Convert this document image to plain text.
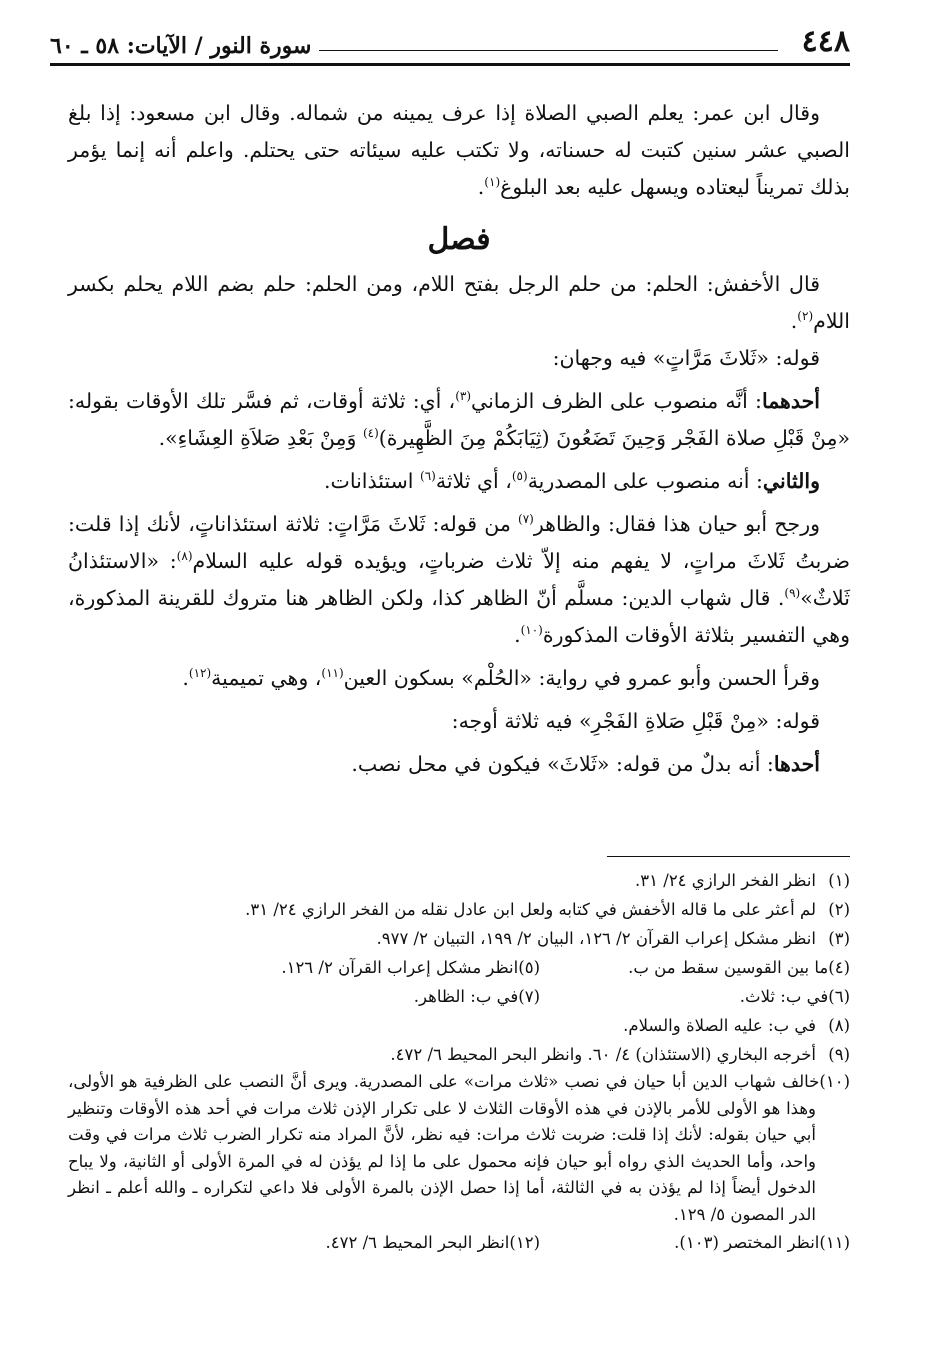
٤٤٨
سورة النور / الآيات: ٥٨ ـ ٦٠

وقال ابن عمر: يعلم الصبي الصلاة إذا عرف يمينه من شماله. وقال ابن مسعود: إذا بلغ الصبي عشر سنين كتبت له حسناته، ولا تكتب عليه سيئاته حتى يحتلم. واعلم أنه إنما يؤمر بذلك تمريناً ليعتاده ويسهل عليه بعد البلوغ$^{(١)}$.

فصل

قال الأخفش: الحلم: من حلم الرجل بفتح اللام، ومن الحلم: حلم بضم اللام يحلم بكسر اللام$^{(٢)}$.

قوله: «ثَلاثَ مَرَّاتٍ» فيه وجهان:

أحدهما: أنَّه منصوب على الظرف الزماني$^{(٣)}$، أي: ثلاثة أوقات، ثم فسَّر تلك الأوقات بقوله: «مِنْ قَبْلِ صلاة الفَجْر وَحِينَ تَضَعُونَ (ثِيَابَكُمْ مِنَ الظَّهِيرة)$^{(٤)}$ وَمِنْ بَعْدِ صَلاَةِ العِشَاءِ».

والثاني: أنه منصوب على المصدرية$^{(٥)}$، أي ثلاثة$^{(٦)}$ استئذانات.

ورجح أبو حيان هذا فقال: والظاهر$^{(٧)}$ من قوله: ثَلاثَ مَرَّاتٍ: ثلاثة استئذاناتٍ، لأنك إذا قلت: ضربتُ ثَلاثَ مراتٍ، لا يفهم منه إلاّ ثلاث ضرباتٍ، ويؤيده قوله عليه السلام$^{(٨)}$: «الاستئذانُ ثَلاثٌ»$^{(٩)}$. قال شهاب الدين: مسلَّم أنّ الظاهر كذا، ولكن الظاهر هنا متروك للقرينة المذكورة، وهي التفسير بثلاثة الأوقات المذكورة$^{(١٠)}$.

وقرأ الحسن وأبو عمرو في رواية: «الحُلْم» بسكون العين$^{(١١)}$، وهي تميمية$^{(١٢)}$.

قوله: «مِنْ قَبْلِ صَلاةِ الفَجْرِ» فيه ثلاثة أوجه:

أحدها: أنه بدلٌ من قوله: «ثَلاثَ» فيكون في محل نصب.

(١)انظر الفخر الرازي ٢٤/ ٣١.

(٢)لم أعثر على ما قاله الأخفش في كتابه ولعل ابن عادل نقله من الفخر الرازي ٢٤/ ٣١.

(٣)انظر مشكل إعراب القرآن ٢/ ١٢٦، البيان ٢/ ١٩٩، التبيان ٢/ ٩٧٧.

(٤)ما بين القوسين سقط من ب.
(٥)انظر مشكل إعراب القرآن ٢/ ١٢٦.
(٦)في ب: ثلاث.
(٧)في ب: الظاهر.

(٨)في ب: عليه الصلاة والسلام.

(٩)أخرجه البخاري (الاستئذان) ٤/ ٦٠. وانظر البحر المحيط ٦/ ٤٧٢.

(١٠)خالف شهاب الدين أبا حيان في نصب «ثلاث مرات» على المصدرية. ويرى أنَّ النصب على الظرفية هو الأولى، وهذا هو الأولى للأمر بالإذن في هذه الأوقات الثلاث لا على تكرار الإذن ثلاث مرات في أحد هذه الأوقات وتنظير أبي حيان بقوله: لأنك إذا قلت: ضربت ثلاث مرات: فيه نظر، لأنَّ المراد منه تكرار الضرب ثلاث مرات في وقت واحد، وأما الحديث الذي رواه أبو حيان فإنه محمول على ما إذا لم يؤذن له في المرة الأولى أو الثانية، ولا يباح الدخول أيضاً إذا لم يؤذن به في الثالثة، أما إذا حصل الإذن بالمرة الأولى فلا داعي لتكراره ـ والله أعلم ـ انظر الدر المصون ٥/ ١٢٩.

(١١)انظر المختصر (١٠٣).
(١٢)انظر البحر المحيط ٦/ ٤٧٢.
